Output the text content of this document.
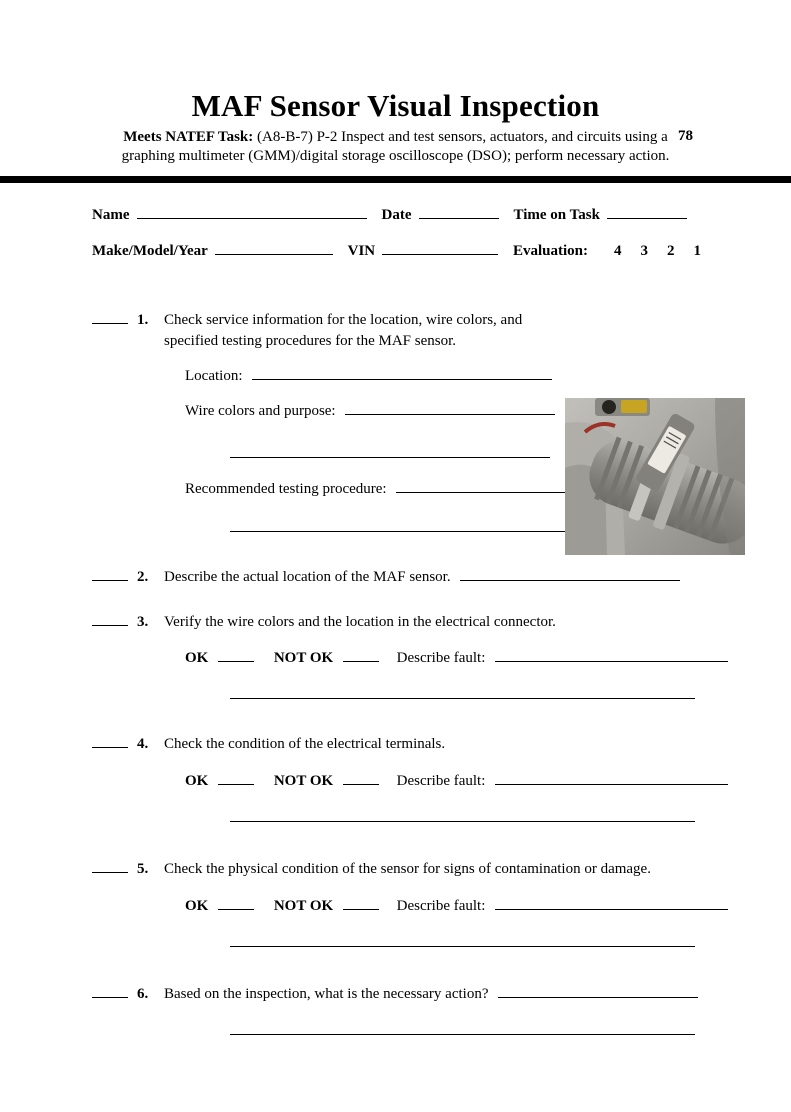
78
MAF Sensor Visual Inspection

Meets NATEF Task: (A8-B-7) P-2 Inspect and test sensors, actuators, and circuits using a graphing multimeter (GMM)/digital storage oscilloscope (DSO); perform necessary action.

Name	Date	Time on Task
Make/Model/Year	VIN	Evaluation: 4 3 2 1
1.	Check service information for the location, wire colors, and specified testing procedures for the MAF sensor.
Location:
Wire colors and purpose:
Recommended testing procedure:
2.	Describe the actual location of the MAF sensor.
3.	Verify the wire colors and the location in the electrical connector.
OK	NOT OK	Describe fault:
4.	Check the condition of the electrical terminals.
OK	NOT OK	Describe fault:
5.	Check the physical condition of the sensor for signs of contamination or damage.
OK	NOT OK	Describe fault:
6.	Based on the inspection, what is the necessary action?
